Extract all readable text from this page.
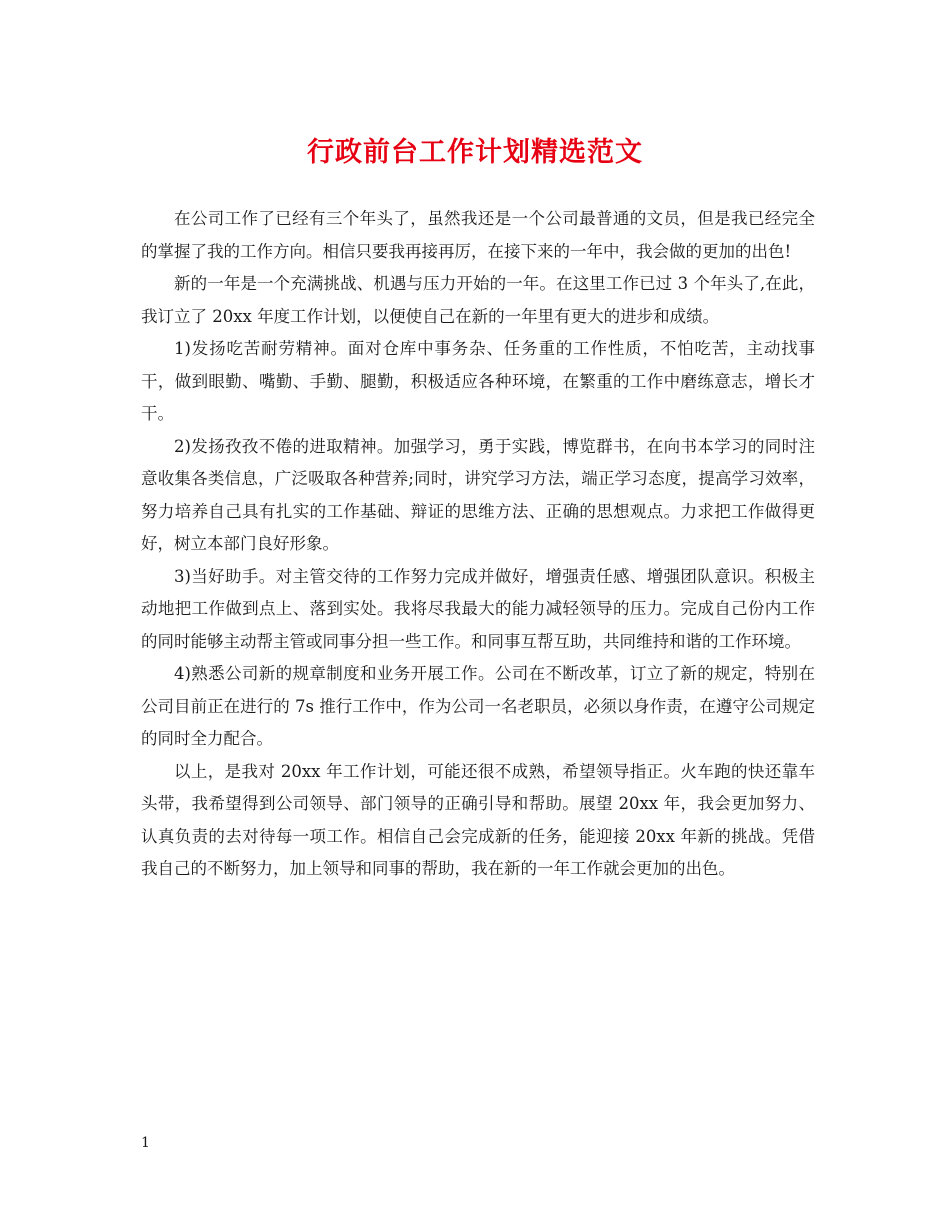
行政前台工作计划精选范文

在公司工作了已经有三个年头了，虽然我还是一个公司最普通的文员，但是我已经完全的掌握了我的工作方向。相信只要我再接再厉，在接下来的一年中，我会做的更加的出色!

新的一年是一个充满挑战、机遇与压力开始的一年。在这里工作已过 3 个年头了,在此，我订立了 20xx 年度工作计划，以便使自己在新的一年里有更大的进步和成绩。

1)发扬吃苦耐劳精神。面对仓库中事务杂、任务重的工作性质，不怕吃苦，主动找事干，做到眼勤、嘴勤、手勤、腿勤，积极适应各种环境，在繁重的工作中磨练意志，增长才干。

2)发扬孜孜不倦的进取精神。加强学习，勇于实践，博览群书，在向书本学习的同时注意收集各类信息，广泛吸取各种营养;同时，讲究学习方法，端正学习态度，提高学习效率，努力培养自己具有扎实的工作基础、辩证的思维方法、正确的思想观点。力求把工作做得更好，树立本部门良好形象。

3)当好助手。对主管交待的工作努力完成并做好，增强责任感、增强团队意识。积极主动地把工作做到点上、落到实处。我将尽我最大的能力减轻领导的压力。完成自己份内工作的同时能够主动帮主管或同事分担一些工作。和同事互帮互助，共同维持和谐的工作环境。

4)熟悉公司新的规章制度和业务开展工作。公司在不断改革，订立了新的规定，特别在公司目前正在进行的 7s 推行工作中，作为公司一名老职员，必须以身作责，在遵守公司规定的同时全力配合。

以上，是我对 20xx 年工作计划，可能还很不成熟，希望领导指正。火车跑的快还靠车头带，我希望得到公司领导、部门领导的正确引导和帮助。展望 20xx 年，我会更加努力、认真负责的去对待每一项工作。相信自己会完成新的任务，能迎接 20xx 年新的挑战。凭借我自己的不断努力，加上领导和同事的帮助，我在新的一年工作就会更加的出色。

1
